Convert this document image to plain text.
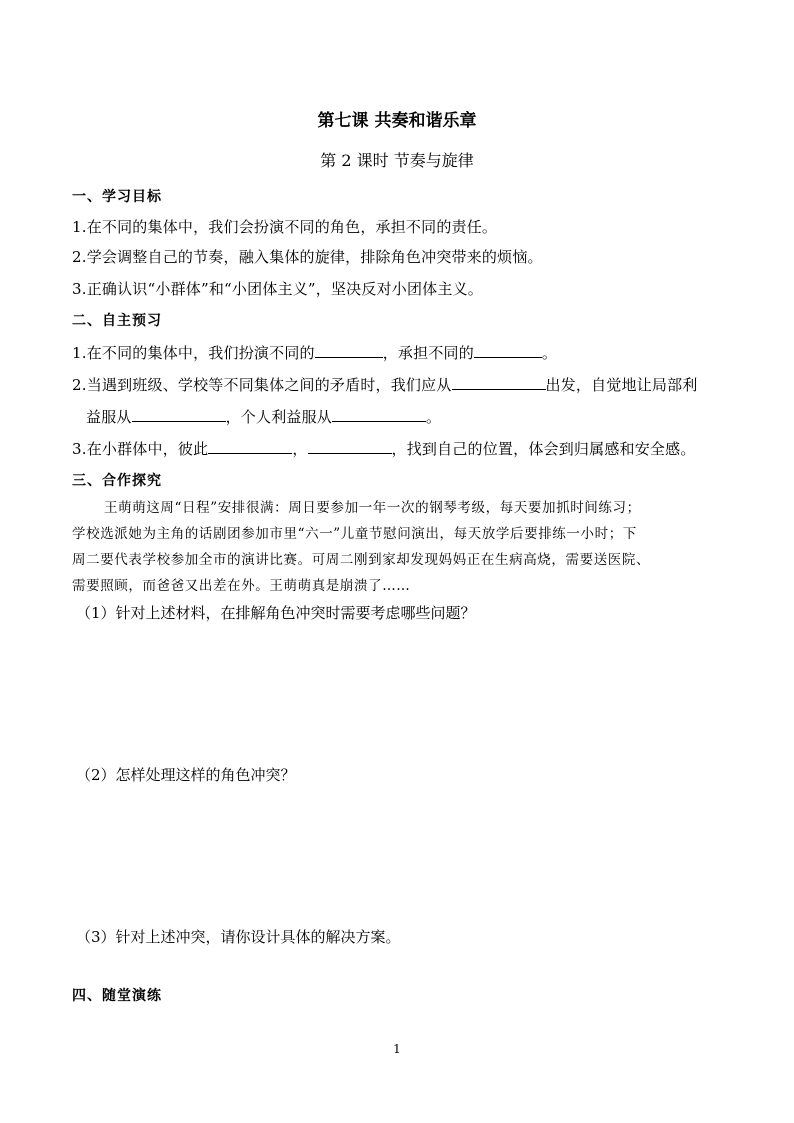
第七课 共奏和谐乐章
第 2 课时 节奏与旋律
一、学习目标
1.在不同的集体中，我们会扮演不同的角色，承担不同的责任。
2.学会调整自己的节奏，融入集体的旋律，排除角色冲突带来的烦恼。
3.正确认识“小群体”和“小团体主义”，坚决反对小团体主义。
二、自主预习
1.在不同的集体中，我们扮演不同的	，承担不同的	。
2.当遇到班级、学校等不同集体之间的矛盾时，我们应从	出发，自觉地让局部利
益服从	，个人利益服从	。
3.在小群体中，彼此	，	，找到自己的位置，体会到归属感和安全感。
三、合作探究
王萌萌这周“日程”安排很满：周日要参加一年一次的钢琴考级，每天要加抓时间练习；
学校选派她为主角的话剧团参加市里“六一”儿童节慰问演出，每天放学后要排练一小时；下
周二要代表学校参加全市的演讲比赛。可周二刚到家却发现妈妈正在生病高烧，需要送医院、
需要照顾，而爸爸又出差在外。王萌萌真是崩溃了……
（1）针对上述材料，在排解角色冲突时需要考虑哪些问题？
（2）怎样处理这样的角色冲突？
（3）针对上述冲突，请你设计具体的解决方案。
四、随堂演练
1
